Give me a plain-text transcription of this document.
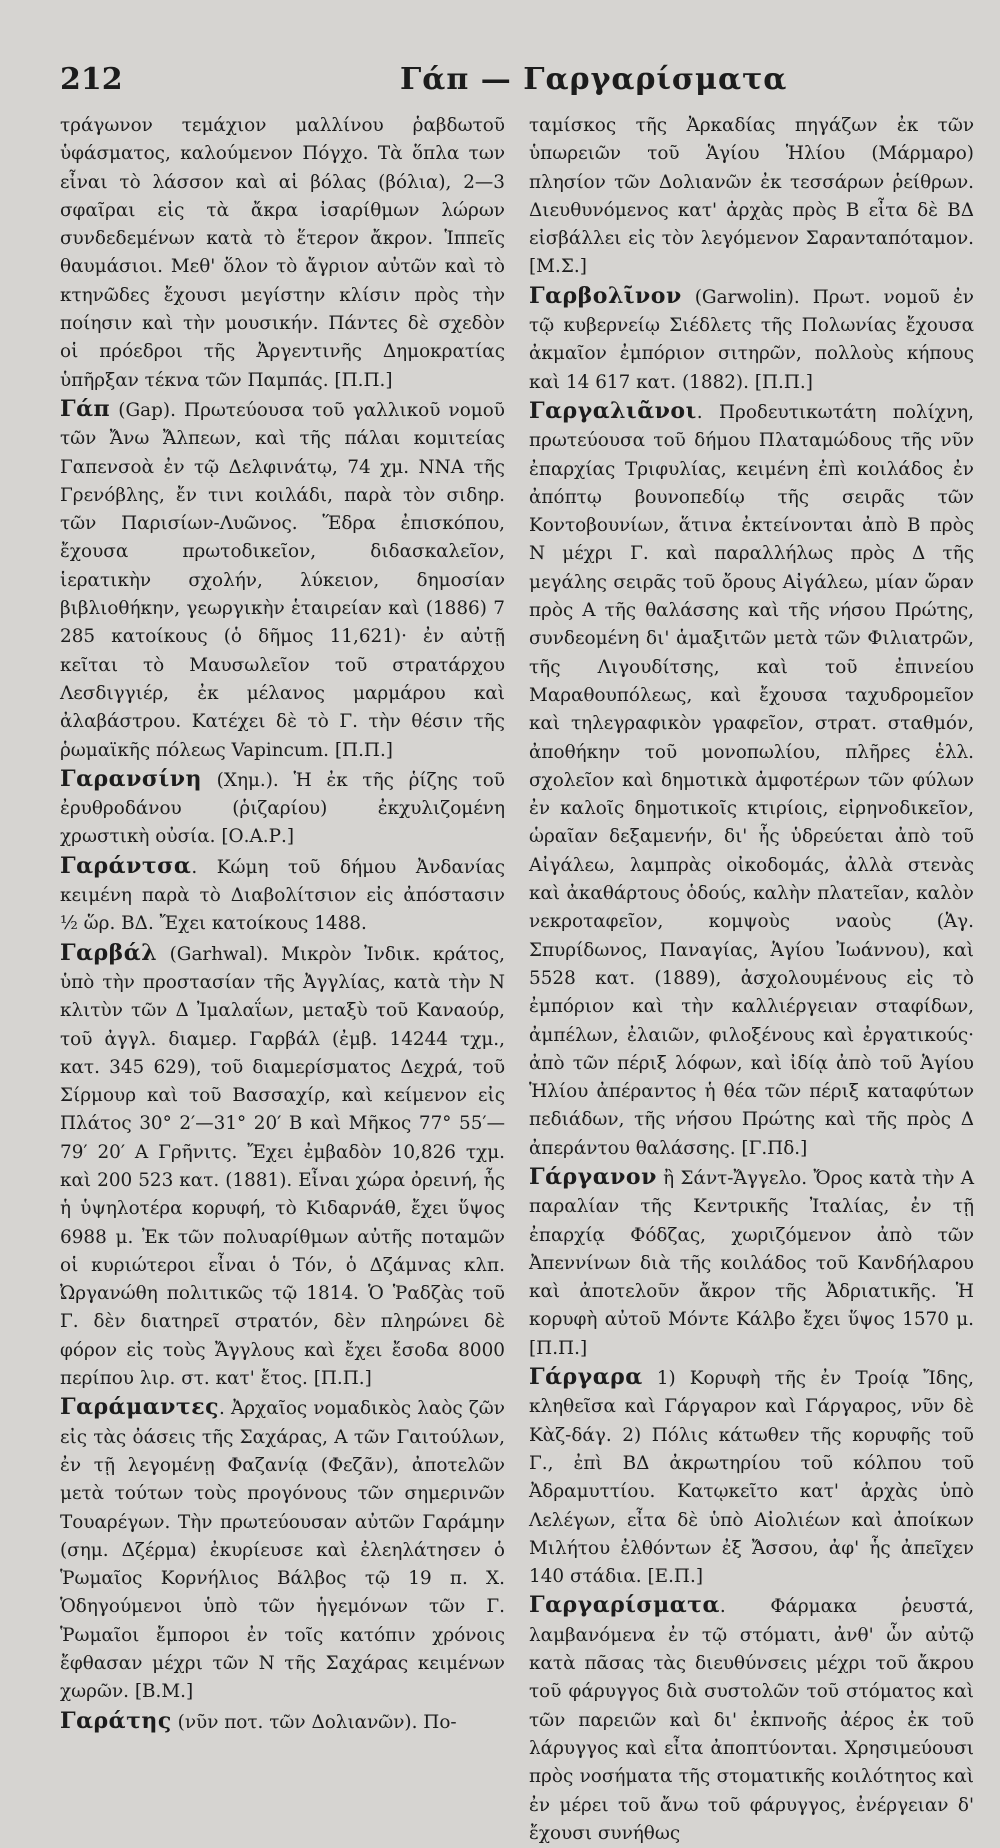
212	Γάπ — Γαργαρίσματα

τράγωνον τεμάχιον μαλλίνου ῥαβδωτοῦ ὑφάσματος, καλούμενον Πόγχο. Τὰ ὅπλα των εἶναι τὸ λάσσον καὶ αἱ βόλας (βόλια), 2—3 σφαῖραι εἰς τὰ ἄκρα ἰσαρίθμων λώρων συνδεδεμένων κατὰ τὸ ἕτερον ἄκρον. Ἱππεῖς θαυμάσιοι. Μεθ' ὅλον τὸ ἄγριον αὐτῶν καὶ τὸ κτηνῶδες ἔχουσι μεγίστην κλίσιν πρὸς τὴν ποίησιν καὶ τὴν μουσικήν. Πάντες δὲ σχεδὸν οἱ πρόεδροι τῆς Ἀργεντινῆς Δημοκρατίας ὑπῆρξαν τέκνα τῶν Παμπάς. [Π.Π.]

Γάπ (Gap). Πρωτεύουσα τοῦ γαλλικοῦ νομοῦ τῶν Ἄνω Ἄλπεων, καὶ τῆς πάλαι κομιτείας Γαπενσοὰ ἐν τῷ Δελφινάτῳ, 74 χμ. ΝΝΑ τῆς Γρενόβλης, ἔν τινι κοιλάδι, παρὰ τὸν σιδηρ. τῶν Παρισίων-Λυῶνος. Ἕδρα ἐπισκόπου, ἔχουσα πρωτοδικεῖον, διδασκαλεῖον, ἱερατικὴν σχολήν, λύκειον, δημοσίαν βιβλιοθήκην, γεωργικὴν ἑταιρείαν καὶ (1886) 7 285 κατοίκους (ὁ δῆμος 11,621)· ἐν αὐτῇ κεῖται τὸ Μαυσωλεῖον τοῦ στρατάρχου Λεσδιγγιέρ, ἐκ μέλανος μαρμάρου καὶ ἀλαβάστρου. Κατέχει δὲ τὸ Γ. τὴν θέσιν τῆς ῥωμαϊκῆς πόλεως Vapincum. [Π.Π.]

Γαρανσίνη (Χημ.). Ἡ ἐκ τῆς ῥίζης τοῦ ἐρυθροδάνου (ῥιζαρίου) ἐκχυλιζομένη χρωστικὴ οὐσία. [Ο.Α.Ρ.]

Γαράντσα. Κώμη τοῦ δήμου Ἀνδανίας κειμένη παρὰ τὸ Διαβολίτσιον εἰς ἀπόστασιν ½ ὥρ. ΒΔ. Ἔχει κατοίκους 1488.

Γαρβάλ (Garhwal). Μικρὸν Ἰνδικ. κράτος, ὑπὸ τὴν προστασίαν τῆς Ἀγγλίας, κατὰ τὴν Ν κλιτὺν τῶν Δ Ἰμαλαΐων, μεταξὺ τοῦ Καναούρ, τοῦ ἀγγλ. διαμερ. Γαρβάλ (ἐμβ. 14244 τχμ., κατ. 345 629), τοῦ διαμερίσματος Δεχρά, τοῦ Σίρμουρ καὶ τοῦ Βασσαχίρ, καὶ κείμενον εἰς Πλάτος 30° 2′—31° 20′ Β καὶ Μῆκος 77° 55′—79′ 20′ Α Γρῆνιτς. Ἔχει ἐμβαδὸν 10,826 τχμ. καὶ 200 523 κατ. (1881). Εἶναι χώρα ὀρεινή, ἧς ἡ ὑψηλοτέρα κορυφή, τὸ Κιδαρνάθ, ἔχει ὕψος 6988 μ. Ἐκ τῶν πολυαρίθμων αὐτῆς ποταμῶν οἱ κυριώτεροι εἶναι ὁ Τόν, ὁ Δζάμνας κλπ. Ὠργανώθη πολιτικῶς τῷ 1814. Ὁ Ῥαδζὰς τοῦ Γ. δὲν διατηρεῖ στρατόν, δὲν πληρώνει δὲ φόρον εἰς τοὺς Ἄγγλους καὶ ἔχει ἔσοδα 8000 περίπου λιρ. στ. κατ' ἔτος. [Π.Π.]

Γαράμαντες. Ἀρχαῖος νομαδικὸς λαὸς ζῶν εἰς τὰς ὀάσεις τῆς Σαχάρας, Α τῶν Γαιτούλων, ἐν τῇ λεγομένῃ Φαζανίᾳ (Φεζᾶν), ἀποτελῶν μετὰ τούτων τοὺς προγόνους τῶν σημερινῶν Τουαρέγων. Τὴν πρωτεύουσαν αὐτῶν Γαράμην (σημ. Δζέρμα) ἐκυρίευσε καὶ ἐλεηλάτησεν ὁ Ῥωμαῖος Κορνήλιος Βάλβος τῷ 19 π. Χ. Ὁδηγούμενοι ὑπὸ τῶν ἡγεμόνων τῶν Γ. Ῥωμαῖοι ἔμποροι ἐν τοῖς κατόπιν χρόνοις ἔφθασαν μέχρι τῶν Ν τῆς Σαχάρας κειμένων χωρῶν. [Β.Μ.]

Γαράτης (νῦν ποτ. τῶν Δολιανῶν). Πο-

ταμίσκος τῆς Ἀρκαδίας πηγάζων ἐκ τῶν ὑπωρειῶν τοῦ Ἁγίου Ἡλίου (Μάρμαρο) πλησίον τῶν Δολιανῶν ἐκ τεσσάρων ῥείθρων. Διευθυνόμενος κατ' ἀρχὰς πρὸς Β εἶτα δὲ ΒΔ εἰσβάλλει εἰς τὸν λεγόμενον Σαρανταπόταμον. [Μ.Σ.]

Γαρβολῖνον (Garwolin). Πρωτ. νομοῦ ἐν τῷ κυβερνείῳ Σιέδλετς τῆς Πολωνίας ἔχουσα ἀκμαῖον ἐμπόριον σιτηρῶν, πολλοὺς κήπους καὶ 14 617 κατ. (1882). [Π.Π.]

Γαργαλιᾶνοι. Προδευτικωτάτη πολίχνη, πρωτεύουσα τοῦ δήμου Πλαταμώδους τῆς νῦν ἐπαρχίας Τριφυλίας, κειμένη ἐπὶ κοιλάδος ἐν ἀπόπτῳ βουνοπεδίῳ τῆς σειρᾶς τῶν Κοντοβουνίων, ἅτινα ἐκτείνονται ἀπὸ Β πρὸς Ν μέχρι Γ. καὶ παραλλήλως πρὸς Δ τῆς μεγάλης σειρᾶς τοῦ ὄρους Αἰγάλεω, μίαν ὥραν πρὸς Α τῆς θαλάσσης καὶ τῆς νήσου Πρώτης, συνδεομένη δι' ἁμαξιτῶν μετὰ τῶν Φιλιατρῶν, τῆς Λιγουδίτσης, καὶ τοῦ ἐπινείου Μαραθουπόλεως, καὶ ἔχουσα ταχυδρομεῖον καὶ τηλεγραφικὸν γραφεῖον, στρατ. σταθμόν, ἀποθήκην τοῦ μονοπωλίου, πλῆρες ἑλλ. σχολεῖον καὶ δημοτικὰ ἀμφοτέρων τῶν φύλων ἐν καλοῖς δημοτικοῖς κτιρίοις, εἰρηνοδικεῖον, ὡραῖαν δεξαμενήν, δι' ἧς ὑδρεύεται ἀπὸ τοῦ Αἰγάλεω, λαμπρὰς οἰκοδομάς, ἀλλὰ στενὰς καὶ ἀκαθάρτους ὁδούς, καλὴν πλατεῖαν, καλὸν νεκροταφεῖον, κομψοὺς ναοὺς (Ἁγ. Σπυρίδωνος, Παναγίας, Ἁγίου Ἰωάννου), καὶ 5528 κατ. (1889), ἀσχολουμένους εἰς τὸ ἐμπόριον καὶ τὴν καλλιέργειαν σταφίδων, ἀμπέλων, ἐλαιῶν, φιλοξένους καὶ ἐργατικούς· ἀπὸ τῶν πέριξ λόφων, καὶ ἰδίᾳ ἀπὸ τοῦ Ἁγίου Ἡλίου ἀπέραντος ἡ θέα τῶν πέριξ καταφύτων πεδιάδων, τῆς νήσου Πρώτης καὶ τῆς πρὸς Δ ἀπεράντου θαλάσσης. [Γ.Πδ.]

Γάργανον ἢ Σάντ-Ἄγγελο. Ὄρος κατὰ τὴν Α παραλίαν τῆς Κεντρικῆς Ἰταλίας, ἐν τῇ ἐπαρχίᾳ Φόδζας, χωριζόμενον ἀπὸ τῶν Ἀπεννίνων διὰ τῆς κοιλάδος τοῦ Κανδήλαρου καὶ ἀποτελοῦν ἄκρον τῆς Ἀδριατικῆς. Ἡ κορυφὴ αὐτοῦ Μόντε Κάλβο ἔχει ὕψος 1570 μ. [Π.Π.]

Γάργαρα 1) Κορυφὴ τῆς ἐν Τροίᾳ Ἴδης, κληθεῖσα καὶ Γάργαρον καὶ Γάργαρος, νῦν δὲ Κὰζ-δάγ. 2) Πόλις κάτωθεν τῆς κορυφῆς τοῦ Γ., ἐπὶ ΒΔ ἀκρωτηρίου τοῦ κόλπου τοῦ Ἀδραμυττίου. Κατῳκεῖτο κατ' ἀρχὰς ὑπὸ Λελέγων, εἶτα δὲ ὑπὸ Αἰολιέων καὶ ἀποίκων Μιλήτου ἐλθόντων ἐξ Ἄσσου, ἀφ' ἧς ἀπεῖχεν 140 στάδια. [Ε.Π.]

Γαργαρίσματα. Φάρμακα ῥευστά, λαμβανόμενα ἐν τῷ στόματι, ἀνθ' ὧν αὐτῷ κατὰ πᾶσας τὰς διευθύνσεις μέχρι τοῦ ἄκρου τοῦ φάρυγγος διὰ συστολῶν τοῦ στόματος καὶ τῶν παρειῶν καὶ δι' ἐκπνοῆς ἀέρος ἐκ τοῦ λάρυγγος καὶ εἶτα ἀποπτύονται. Χρησιμεύουσι πρὸς νοσήματα τῆς στοματικῆς κοιλότητος καὶ ἐν μέρει τοῦ ἄνω τοῦ φάρυγγος, ἐνέργειαν δ' ἔχουσι συνήθως
